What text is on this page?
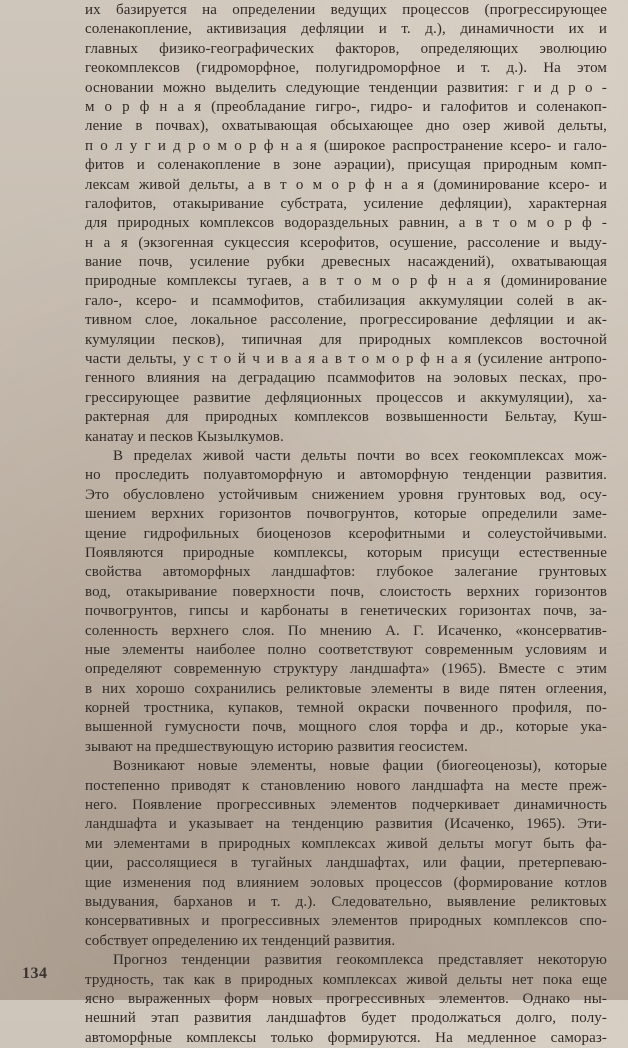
их базируется на определении ведущих процессов (прогрессирующее
соленакопление, активизация дефляции и т. д.), динамичности их и
главных физико-географических факторов, определяющих эволюцию
геокомплексов (гидроморфное, полугидроморфное и т. д.). На этом
основании можно выделить следующие тенденции развития: г и д р о -
м о р ф н а я (преобладание гигро-, гидро- и галофитов и соленакоп-
ление в почвах), охватывающая обсыхающее дно озер живой дельты,
п о л у г и д р о м о р ф н а я (широкое распространение ксеро- и гало-
фитов и соленакопление в зоне аэрации), присущая природным комп-
лексам живой дельты, а в т о м о р ф н а я (доминирование ксеро- и
галофитов, отакыривание субстрата, усиление дефляции), характерная
для природных комплексов водораздельных равнин, а в т о м о р ф -
н а я (экзогенная сукцессия ксерофитов, осушение, рассоление и выду-
вание почв, усиление рубки древесных насаждений), охватывающая
природные комплексы тугаев, а в т о м о р ф н а я (доминирование
гало-, ксеро- и псаммофитов, стабилизация аккумуляции солей в ак-
тивном слое, локальное рассоление, прогрессирование дефляции и ак-
кумуляции песков), типичная для природных комплексов восточной
части дельты, у с т о й ч и в а я а в т о м о р ф н а я (усиление антропо-
генного влияния на деградацию псаммофитов на эоловых песках, про-
грессирующее развитие дефляционных процессов и аккумуляции), ха-
рактерная для природных комплексов возвышенности Бельтау, Куш-
канатау и песков Кызылкумов.
В пределах живой части дельты почти во всех геокомплексах мож-
но проследить полуавтоморфную и автоморфную тенденции развития.
Это обусловлено устойчивым снижением уровня грунтовых вод, осу-
шением верхних горизонтов почвогрунтов, которые определили заме-
щение гидрофильных биоценозов ксерофитными и солеустойчивыми.
Появляются природные комплексы, которым присущи естественные
свойства автоморфных ландшафтов: глубокое залегание грунтовых
вод, отакыривание поверхности почв, слоистость верхних горизонтов
почвогрунтов, гипсы и карбонаты в генетических горизонтах почв, за-
соленность верхнего слоя. По мнению А. Г. Исаченко, «консерватив-
ные элементы наиболее полно соответствуют современным условиям и
определяют современную структуру ландшафта» (1965). Вместе с этим
в них хорошо сохранились реликтовые элементы в виде пятен оглеения,
корней тростника, купаков, темной окраски почвенного профиля, по-
вышенной гумусности почв, мощного слоя торфа и др., которые ука-
зывают на предшествующую историю развития геосистем.
Возникают новые элементы, новые фации (биогеоценозы), которые
постепенно приводят к становлению нового ландшафта на месте преж-
него. Появление прогрессивных элементов подчеркивает динамичность
ландшафта и указывает на тенденцию развития (Исаченко, 1965). Эти-
ми элементами в природных комплексах живой дельты могут быть фа-
ции, рассолящиеся в тугайных ландшафтах, или фации, претерпеваю-
щие изменения под влиянием эоловых процессов (формирование котлов
выдувания, барханов и т. д.). Следовательно, выявление реликтовых
консервативных и прогрессивных элементов природных комплексов спо-
собствует определению их тенденций развития.
Прогноз тенденции развития геокомплекса представляет некоторую
трудность, так как в природных комплексах живой дельты нет пока еще
ясно выраженных форм новых прогрессивных элементов. Однако ны-
нешний этап развития ландшафтов будет продолжаться долго, полу-
автоморфные комплексы только формируются. На медленное самораз-
134
